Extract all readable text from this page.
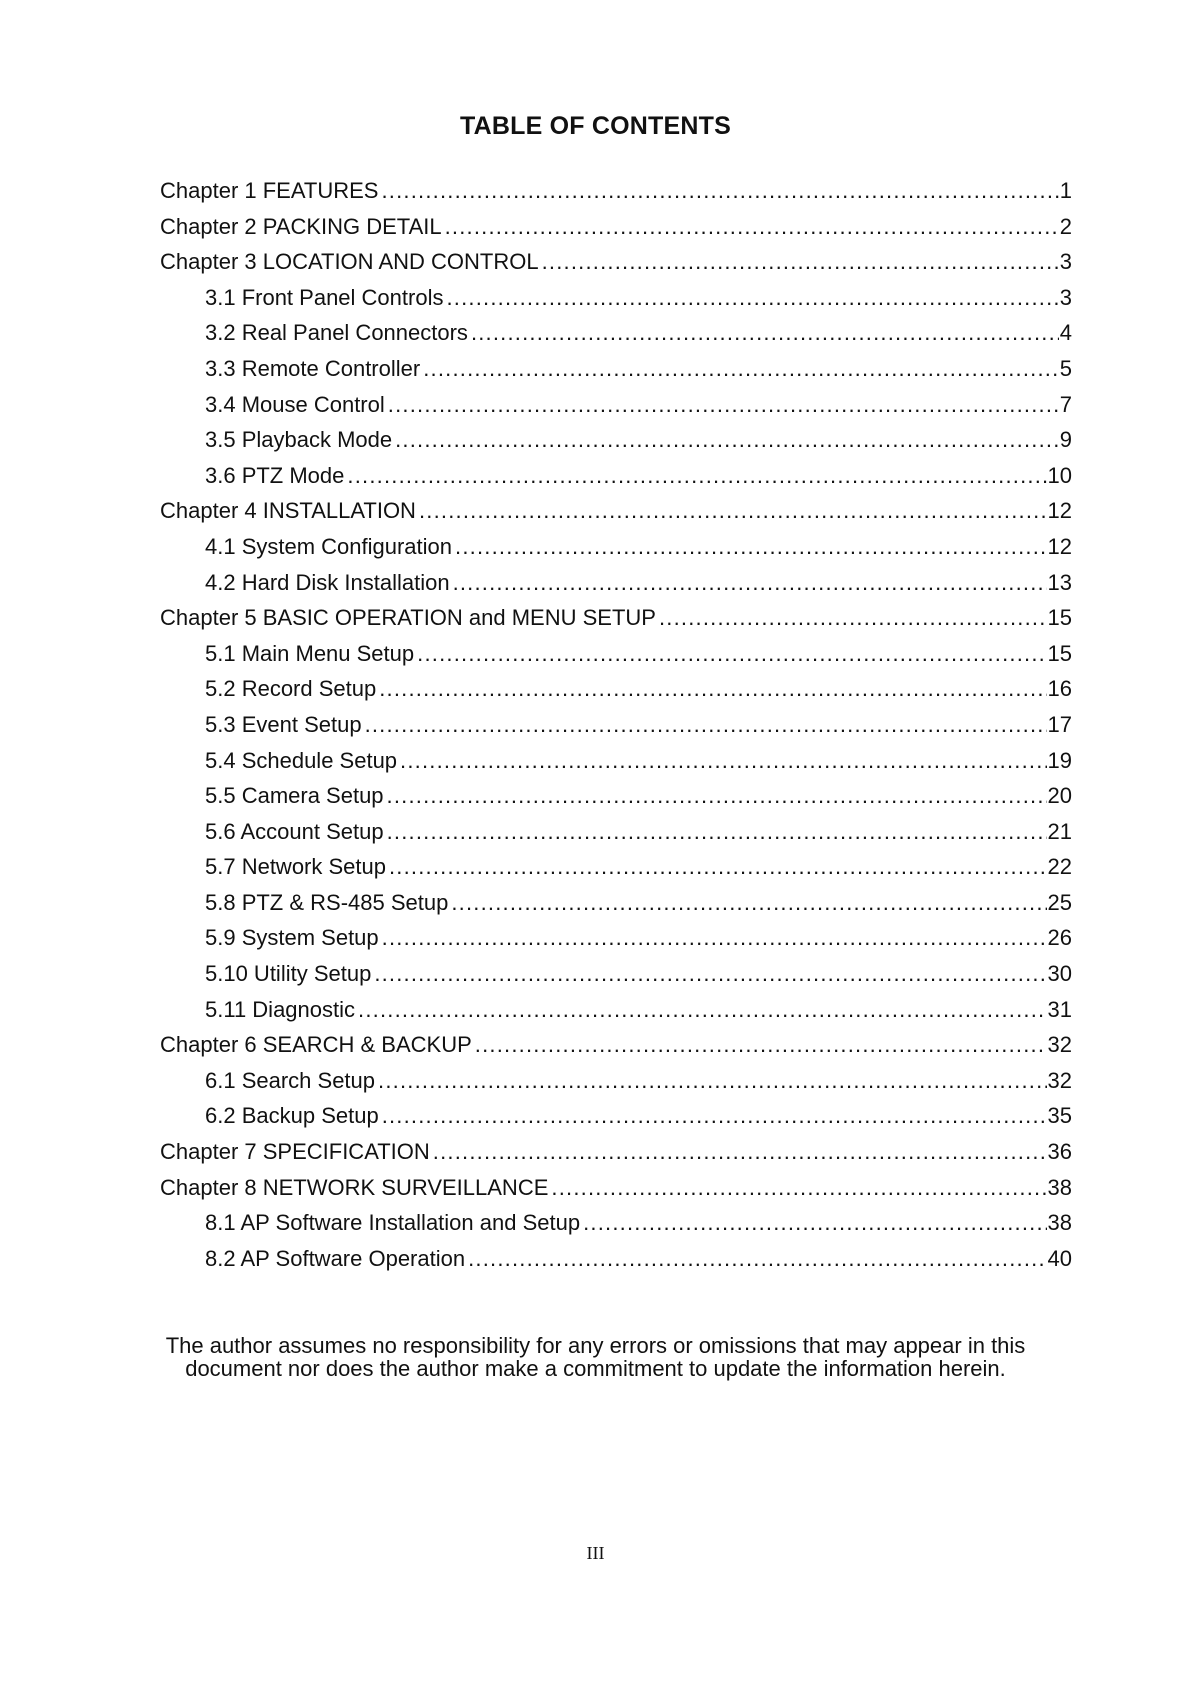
TABLE OF CONTENTS
Chapter 1 FEATURES .....	1
Chapter 2 PACKING DETAIL .....	2
Chapter 3 LOCATION AND CONTROL .....	3
3.1 Front Panel Controls .....	3
3.2 Real Panel Connectors .....	4
3.3 Remote Controller .....	5
3.4 Mouse Control .....	7
3.5 Playback Mode .....	9
3.6 PTZ Mode .....	10
Chapter 4 INSTALLATION .....	12
4.1 System Configuration .....	12
4.2 Hard Disk Installation .....	13
Chapter 5 BASIC OPERATION and MENU SETUP .....	15
5.1 Main Menu Setup .....	15
5.2 Record Setup .....	16
5.3 Event Setup .....	17
5.4 Schedule Setup .....	19
5.5 Camera Setup .....	20
5.6 Account Setup .....	21
5.7 Network Setup .....	22
5.8 PTZ & RS-485 Setup .....	25
5.9 System Setup .....	26
5.10 Utility Setup .....	30
5.11 Diagnostic .....	31
Chapter 6 SEARCH & BACKUP .....	32
6.1 Search Setup .....	32
6.2 Backup Setup .....	35
Chapter 7 SPECIFICATION .....	36
Chapter 8 NETWORK SURVEILLANCE .....	38
8.1 AP Software Installation and Setup .....	38
8.2 AP Software Operation .....	40
The author assumes no responsibility for any errors or omissions that may appear in this
document nor does the author make a commitment to update the information herein.
III
